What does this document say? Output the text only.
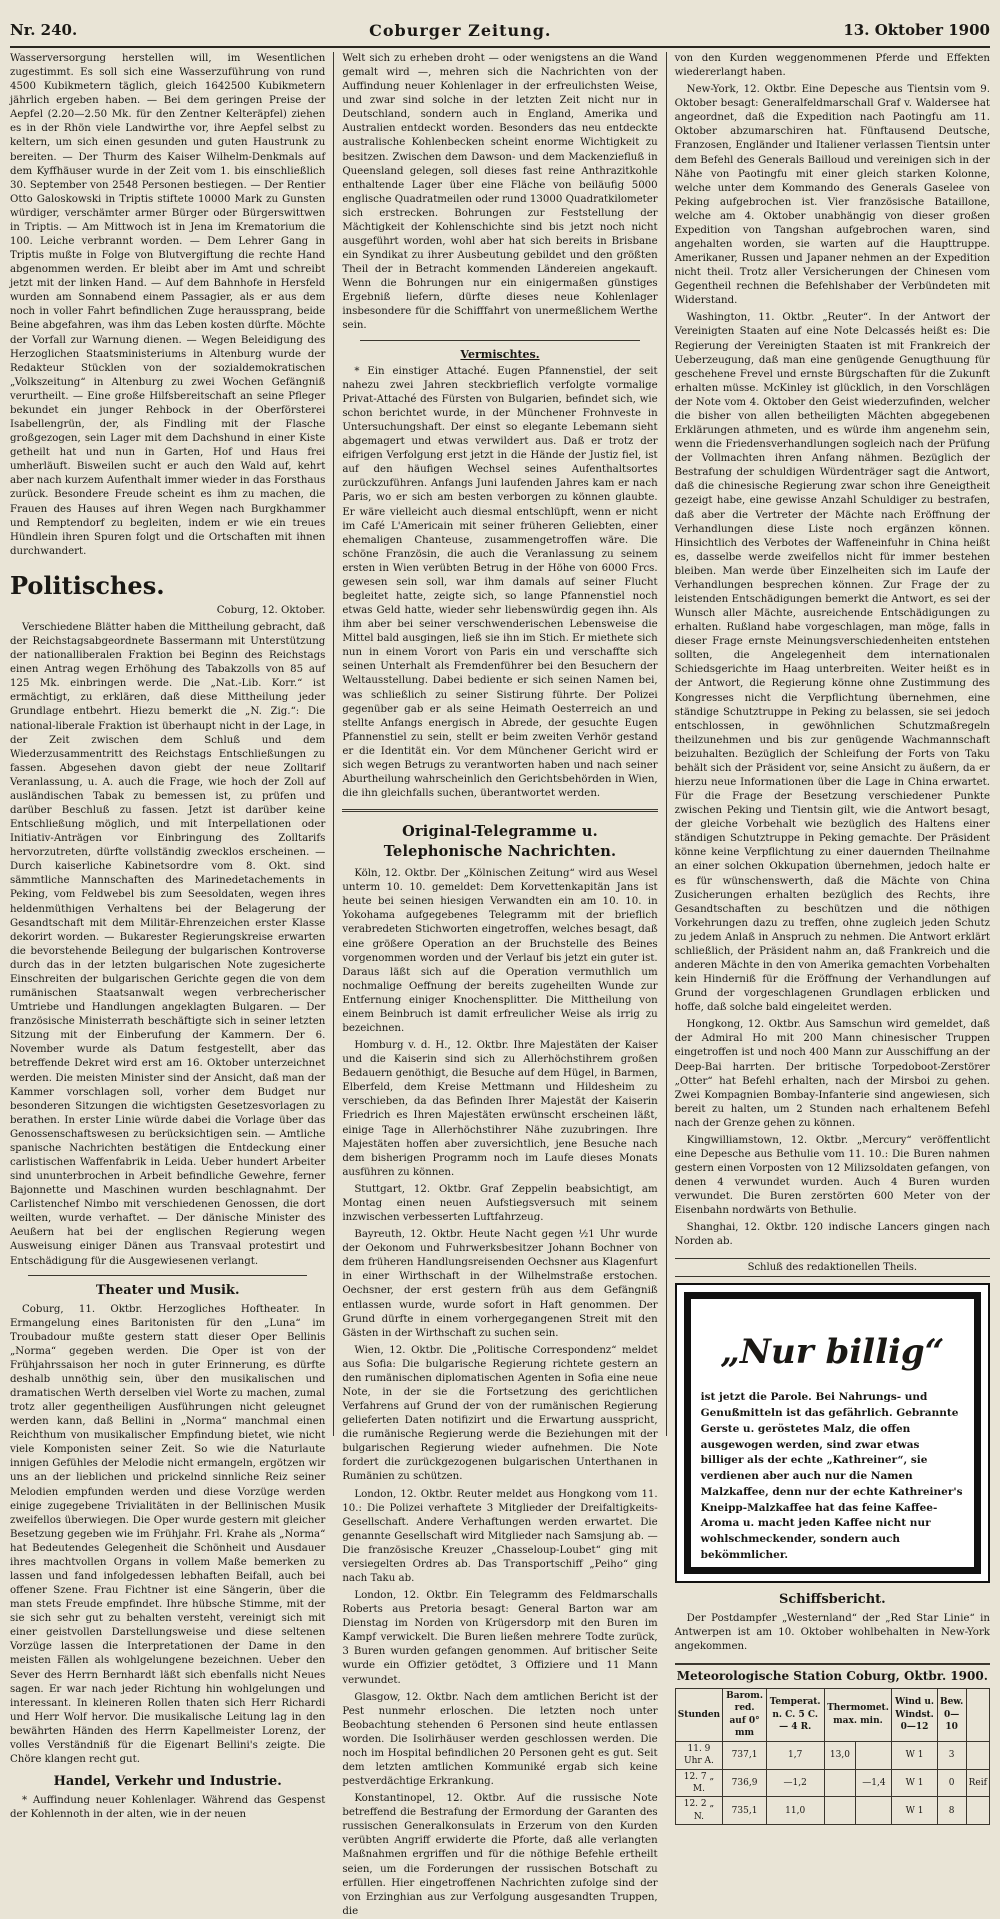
Nr. 240.	Coburger Zeitung.	13. Oktober 1900

Wasserversorgung herstellen will, im Wesentlichen zugestimmt. Es soll sich eine Wasserzuführung von rund 4500 Kubikmetern täglich, gleich 1642500 Kubikmetern jährlich ergeben haben. — Bei dem geringen Preise der Aepfel (2.20—2.50 Mk. für den Zentner Kelteräpfel) ziehen es in der Rhön viele Landwirthe vor, ihre Aepfel selbst zu keltern, um sich einen gesunden und guten Haustrunk zu bereiten. — Der Thurm des Kaiser Wilhelm-Denkmals auf dem Kyffhäuser wurde in der Zeit vom 1. bis einschließlich 30. September von 2548 Personen bestiegen. — Der Rentier Otto Galoskowski in Triptis stiftete 10000 Mark zu Gunsten würdiger, verschämter armer Bürger oder Bürgerswittwen in Triptis. — Am Mittwoch ist in Jena im Krematorium die 100. Leiche verbrannt worden. — Dem Lehrer Gang in Triptis mußte in Folge von Blutvergiftung die rechte Hand abgenommen werden. Er bleibt aber im Amt und schreibt jetzt mit der linken Hand. — Auf dem Bahnhofe in Hersfeld wurden am Sonnabend einem Passagier, als er aus dem noch in voller Fahrt befindlichen Zuge heraussprang, beide Beine abgefahren, was ihm das Leben kosten dürfte. Möchte der Vorfall zur Warnung dienen. — Wegen Beleidigung des Herzoglichen Staatsministeriums in Altenburg wurde der Redakteur Stücklen von der sozialdemokratischen „Volkszeitung“ in Altenburg zu zwei Wochen Gefängniß verurtheilt. — Eine große Hilfsbereitschaft an seine Pfleger bekundet ein junger Rehbock in der Oberförsterei Isabellengrün, der, als Findling mit der Flasche großgezogen, sein Lager mit dem Dachshund in einer Kiste getheilt hat und nun in Garten, Hof und Haus frei umherläuft. Bisweilen sucht er auch den Wald auf, kehrt aber nach kurzem Aufenthalt immer wieder in das Forsthaus zurück. Besondere Freude scheint es ihm zu machen, die Frauen des Hauses auf ihren Wegen nach Burgkhammer und Remptendorf zu begleiten, indem er wie ein treues Hündlein ihren Spuren folgt und die Ortschaften mit ihnen durchwandert.

Politisches.
Coburg, 12. Oktober.

Verschiedene Blätter haben die Mittheilung gebracht, daß der Reichstagsabgeordnete Bassermann mit Unterstützung der nationalliberalen Fraktion bei Beginn des Reichstags einen Antrag wegen Erhöhung des Tabakzolls von 85 auf 125 Mk. einbringen werde. Die „Nat.-Lib. Korr.“ ist ermächtigt, zu erklären, daß diese Mittheilung jeder Grundlage entbehrt. Hiezu bemerkt die „N. Zig.“: Die national-liberale Fraktion ist überhaupt nicht in der Lage, in der Zeit zwischen dem Schluß und dem Wiederzusammentritt des Reichstags Entschließungen zu fassen. Abgesehen davon giebt der neue Zolltarif Veranlassung, u. A. auch die Frage, wie hoch der Zoll auf ausländischen Tabak zu bemessen ist, zu prüfen und darüber Beschluß zu fassen. Jetzt ist darüber keine Entschließung möglich, und mit Interpellationen oder Initiativ-Anträgen vor Einbringung des Zolltarifs hervorzutreten, dürfte vollständig zwecklos erscheinen. — Durch kaiserliche Kabinetsordre vom 8. Okt. sind sämmtliche Mannschaften des Marinedetachements in Peking, vom Feldwebel bis zum Seesoldaten, wegen ihres heldenmüthigen Verhaltens bei der Belagerung der Gesandtschaft mit dem Militär-Ehrenzeichen erster Klasse dekorirt worden. — Bukarester Regierungskreise erwarten die bevorstehende Beilegung der bulgarischen Kontroverse durch das in der letzten bulgarischen Note zugesicherte Einschreiten der bulgarischen Gerichte gegen die von dem rumänischen Staatsanwalt wegen verbrecherischer Umtriebe und Handlungen angeklagten Bulgaren. — Der französische Ministerrath beschäftigte sich in seiner letzten Sitzung mit der Einberufung der Kammern. Der 6. November wurde als Datum festgestellt, aber das betreffende Dekret wird erst am 16. Oktober unterzeichnet werden. Die meisten Minister sind der Ansicht, daß man der Kammer vorschlagen soll, vorher dem Budget nur besonderen Sitzungen die wichtigsten Gesetzesvorlagen zu berathen. In erster Linie würde dabei die Vorlage über das Genossenschaftswesen zu berücksichtigen sein. — Amtliche spanische Nachrichten bestätigen die Entdeckung einer carlistischen Waffenfabrik in Leida. Ueber hundert Arbeiter sind ununterbrochen in Arbeit befindliche Gewehre, ferner Bajonnette und Maschinen wurden beschlagnahmt. Der Carlistenchef Nimbo mit verschiedenen Genossen, die dort weilten, wurde verhaftet. — Der dänische Minister des Aeußern hat bei der englischen Regierung wegen Ausweisung einiger Dänen aus Transvaal protestirt und Entschädigung für die Ausgewiesenen verlangt.

Theater und Musik.

Coburg, 11. Oktbr. Herzogliches Hoftheater. In Ermangelung eines Baritonisten für den „Luna“ im Troubadour mußte gestern statt dieser Oper Bellinis „Norma“ gegeben werden. Die Oper ist von der Frühjahrssaison her noch in guter Erinnerung, es dürfte deshalb unnöthig sein, über den musikalischen und dramatischen Werth derselben viel Worte zu machen, zumal trotz aller gegentheiligen Ausführungen nicht geleugnet werden kann, daß Bellini in „Norma“ manchmal einen Reichthum von musikalischer Empfindung bietet, wie nicht viele Komponisten seiner Zeit. So wie die Naturlaute innigen Gefühles der Melodie nicht ermangeln, ergötzen wir uns an der lieblichen und prickelnd sinnliche Reiz seiner Melodien empfunden werden und diese Vorzüge werden einige zugegebene Trivialitäten in der Bellinischen Musik zweifellos überwiegen. Die Oper wurde gestern mit gleicher Besetzung gegeben wie im Frühjahr. Frl. Krahe als „Norma“ hat Bedeutendes Gelegenheit die Schönheit und Ausdauer ihres machtvollen Organs in vollem Maße bemerken zu lassen und fand infolgedessen lebhaften Beifall, auch bei offener Szene. Frau Fichtner ist eine Sängerin, über die man stets Freude empfindet. Ihre hübsche Stimme, mit der sie sich sehr gut zu behalten versteht, vereinigt sich mit einer geistvollen Darstellungsweise und diese seltenen Vorzüge lassen die Interpretationen der Dame in den meisten Fällen als wohlgelungene bezeichnen. Ueber den Sever des Herrn Bernhardt läßt sich ebenfalls nicht Neues sagen. Er war nach jeder Richtung hin wohlgelungen und interessant. In kleineren Rollen thaten sich Herr Richardi und Herr Wolf hervor. Die musikalische Leitung lag in den bewährten Händen des Herrn Kapellmeister Lorenz, der volles Verständniß für die Eigenart Bellini's zeigte. Die Chöre klangen recht gut.

Handel, Verkehr und Industrie.

* Auffindung neuer Kohlenlager. Während das Gespenst der Kohlennoth in der alten, wie in der neuen

Welt sich zu erheben droht — oder wenigstens an die Wand gemalt wird —, mehren sich die Nachrichten von der Auffindung neuer Kohlenlager in der erfreulichsten Weise, und zwar sind solche in der letzten Zeit nicht nur in Deutschland, sondern auch in England, Amerika und Australien entdeckt worden. Besonders das neu entdeckte australische Kohlenbecken scheint enorme Wichtigkeit zu besitzen. Zwischen dem Dawson- und dem Mackenziefluß in Queensland gelegen, soll dieses fast reine Anthrazitkohle enthaltende Lager über eine Fläche von beiläufig 5000 englische Quadratmeilen oder rund 13000 Quadratkilometer sich erstrecken. Bohrungen zur Feststellung der Mächtigkeit der Kohlenschichte sind bis jetzt noch nicht ausgeführt worden, wohl aber hat sich bereits in Brisbane ein Syndikat zu ihrer Ausbeutung gebildet und den größten Theil der in Betracht kommenden Ländereien angekauft. Wenn die Bohrungen nur ein einigermaßen günstiges Ergebniß liefern, dürfte dieses neue Kohlenlager insbesondere für die Schifffahrt von unermeßlichem Werthe sein.

Vermischtes.

* Ein einstiger Attaché. Eugen Pfannenstiel, der seit nahezu zwei Jahren steckbrieflich verfolgte vormalige Privat-Attaché des Fürsten von Bulgarien, befindet sich, wie schon berichtet wurde, in der Münchener Frohnveste in Untersuchungshaft. Der einst so elegante Lebemann sieht abgemagert und etwas verwildert aus. Daß er trotz der eifrigen Verfolgung erst jetzt in die Hände der Justiz fiel, ist auf den häufigen Wechsel seines Aufenthaltsortes zurückzuführen. Anfangs Juni laufenden Jahres kam er nach Paris, wo er sich am besten verborgen zu können glaubte. Er wäre vielleicht auch diesmal entschlüpft, wenn er nicht im Café L'Americain mit seiner früheren Geliebten, einer ehemaligen Chanteuse, zusammengetroffen wäre. Die schöne Französin, die auch die Veranlassung zu seinem ersten in Wien verübten Betrug in der Höhe von 6000 Frcs. gewesen sein soll, war ihm damals auf seiner Flucht begleitet hatte, zeigte sich, so lange Pfannenstiel noch etwas Geld hatte, wieder sehr liebenswürdig gegen ihn. Als ihm aber bei seiner verschwenderischen Lebensweise die Mittel bald ausgingen, ließ sie ihn im Stich. Er miethete sich nun in einem Vorort von Paris ein und verschaffte sich seinen Unterhalt als Fremdenführer bei den Besuchern der Weltausstellung. Dabei bediente er sich seinen Namen bei, was schließlich zu seiner Sistirung führte. Der Polizei gegenüber gab er als seine Heimath Oesterreich an und stellte Anfangs energisch in Abrede, der gesuchte Eugen Pfannenstiel zu sein, stellt er beim zweiten Verhör gestand er die Identität ein. Vor dem Münchener Gericht wird er sich wegen Betrugs zu verantworten haben und nach seiner Aburtheilung wahrscheinlich den Gerichtsbehörden in Wien, die ihn gleichfalls suchen, überantwortet werden.

Original-Telegramme u. Telephonische Nachrichten.

Köln, 12. Oktbr. Der „Kölnischen Zeitung“ wird aus Wesel unterm 10. 10. gemeldet: Dem Korvettenkapitän Jans ist heute bei seinen hiesigen Verwandten ein am 10. 10. in Yokohama aufgegebenes Telegramm mit der brieflich verabredeten Stichworten eingetroffen, welches besagt, daß eine größere Operation an der Bruchstelle des Beines vorgenommen worden und der Verlauf bis jetzt ein guter ist. Daraus läßt sich auf die Operation vermuthlich um nochmalige Oeffnung der bereits zugeheilten Wunde zur Entfernung einiger Knochensplitter. Die Mittheilung von einem Beinbruch ist damit erfreulicher Weise als irrig zu bezeichnen.

Homburg v. d. H., 12. Oktbr. Ihre Majestäten der Kaiser und die Kaiserin sind sich zu Allerhöchstihrem großen Bedauern genöthigt, die Besuche auf dem Hügel, in Barmen, Elberfeld, dem Kreise Mettmann und Hildesheim zu verschieben, da das Befinden Ihrer Majestät der Kaiserin Friedrich es Ihren Majestäten erwünscht erscheinen läßt, einige Tage in Allerhöchstihrer Nähe zuzubringen. Ihre Majestäten hoffen aber zuversichtlich, jene Besuche nach dem bisherigen Programm noch im Laufe dieses Monats ausführen zu können.

Stuttgart, 12. Oktbr. Graf Zeppelin beabsichtigt, am Montag einen neuen Aufstiegsversuch mit seinem inzwischen verbesserten Luftfahrzeug.

Bayreuth, 12. Oktbr. Heute Nacht gegen ½1 Uhr wurde der Oekonom und Fuhrwerksbesitzer Johann Bochner von dem früheren Handlungsreisenden Oechsner aus Klagenfurt in einer Wirthschaft in der Wilhelmstraße erstochen. Oechsner, der erst gestern früh aus dem Gefängniß entlassen wurde, wurde sofort in Haft genommen. Der Grund dürfte in einem vorhergegangenen Streit mit den Gästen in der Wirthschaft zu suchen sein.

Wien, 12. Oktbr. Die „Politische Correspondenz“ meldet aus Sofia: Die bulgarische Regierung richtete gestern an den rumänischen diplomatischen Agenten in Sofia eine neue Note, in der sie die Fortsetzung des gerichtlichen Verfahrens auf Grund der von der rumänischen Regierung gelieferten Daten notifizirt und die Erwartung ausspricht, die rumänische Regierung werde die Beziehungen mit der bulgarischen Regierung wieder aufnehmen. Die Note fordert die zurückgezogenen bulgarischen Unterthanen in Rumänien zu schützen.

London, 12. Oktbr. Reuter meldet aus Hongkong vom 11. 10.: Die Polizei verhaftete 3 Mitglieder der Dreifaltigkeits-Gesellschaft. Andere Verhaftungen werden erwartet. Die genannte Gesellschaft wird Mitglieder nach Samsjung ab. — Die französische Kreuzer „Chasseloup-Loubet“ ging mit versiegelten Ordres ab. Das Transportschiff „Peiho“ ging nach Taku ab.

London, 12. Oktbr. Ein Telegramm des Feldmarschalls Roberts aus Pretoria besagt: General Barton war am Dienstag im Norden von Krügersdorp mit den Buren im Kampf verwickelt. Die Buren ließen mehrere Todte zurück, 3 Buren wurden gefangen genommen. Auf britischer Seite wurde ein Offizier getödtet, 3 Offiziere und 11 Mann verwundet.

Glasgow, 12. Oktbr. Nach dem amtlichen Bericht ist der Pest nunmehr erloschen. Die letzten noch unter Beobachtung stehenden 6 Personen sind heute entlassen worden. Die Isolirhäuser werden geschlossen werden. Die noch im Hospital befindlichen 20 Personen geht es gut. Seit dem letzten amtlichen Kommuniké ergab sich keine pestverdächtige Erkrankung.

Konstantinopel, 12. Oktbr. Auf die russische Note betreffend die Bestrafung der Ermordung der Garanten des russischen Generalkonsulats in Erzerum von den Kurden verübten Angriff erwiderte die Pforte, daß alle verlangten Maßnahmen ergriffen und für die nöthige Befehle ertheilt seien, um die Forderungen der russischen Botschaft zu erfüllen. Hier eingetroffenen Nachrichten zufolge sind der von Erzinghian aus zur Verfolgung ausgesandten Truppen, die

von den Kurden weggenommenen Pferde und Effekten wiedererlangt haben.

New-York, 12. Oktbr. Eine Depesche aus Tientsin vom 9. Oktober besagt: Generalfeldmarschall Graf v. Waldersee hat angeordnet, daß die Expedition nach Paotingfu am 11. Oktober abzumarschiren hat. Fünftausend Deutsche, Franzosen, Engländer und Italiener verlassen Tientsin unter dem Befehl des Generals Bailloud und vereinigen sich in der Nähe von Paotingfu mit einer gleich starken Kolonne, welche unter dem Kommando des Generals Gaselee von Peking aufgebrochen ist. Vier französische Bataillone, welche am 4. Oktober unabhängig von dieser großen Expedition von Tangshan aufgebrochen waren, sind angehalten worden, sie warten auf die Haupttruppe. Amerikaner, Russen und Japaner nehmen an der Expedition nicht theil. Trotz aller Versicherungen der Chinesen vom Gegentheil rechnen die Befehlshaber der Verbündeten mit Widerstand.

Washington, 11. Oktbr. „Reuter“. In der Antwort der Vereinigten Staaten auf eine Note Delcassés heißt es: Die Regierung der Vereinigten Staaten ist mit Frankreich der Ueberzeugung, daß man eine genügende Genugthuung für geschehene Frevel und ernste Bürgschaften für die Zukunft erhalten müsse. McKinley ist glücklich, in den Vorschlägen der Note vom 4. Oktober den Geist wiederzufinden, welcher die bisher von allen betheiligten Mächten abgegebenen Erklärungen athmeten, und es würde ihm angenehm sein, wenn die Friedensverhandlungen sogleich nach der Prüfung der Vollmachten ihren Anfang nähmen. Bezüglich der Bestrafung der schuldigen Würdenträger sagt die Antwort, daß die chinesische Regierung zwar schon ihre Geneigtheit gezeigt habe, eine gewisse Anzahl Schuldiger zu bestrafen, daß aber die Vertreter der Mächte nach Eröffnung der Verhandlungen diese Liste noch ergänzen können. Hinsichtlich des Verbotes der Waffeneinfuhr in China heißt es, dasselbe werde zweifellos nicht für immer bestehen bleiben. Man werde über Einzelheiten sich im Laufe der Verhandlungen besprechen können. Zur Frage der zu leistenden Entschädigungen bemerkt die Antwort, es sei der Wunsch aller Mächte, ausreichende Entschädigungen zu erhalten. Rußland habe vorgeschlagen, man möge, falls in dieser Frage ernste Meinungsverschiedenheiten entstehen sollten, die Angelegenheit dem internationalen Schiedsgerichte im Haag unterbreiten. Weiter heißt es in der Antwort, die Regierung könne ohne Zustimmung des Kongresses nicht die Verpflichtung übernehmen, eine ständige Schutztruppe in Peking zu belassen, sie sei jedoch entschlossen, in gewöhnlichen Schutzmaßregeln theilzunehmen und bis zur genügende Wachmannschaft beizuhalten. Bezüglich der Schleifung der Forts von Taku behält sich der Präsident vor, seine Ansicht zu äußern, da er hierzu neue Informationen über die Lage in China erwartet. Für die Frage der Besetzung verschiedener Punkte zwischen Peking und Tientsin gilt, wie die Antwort besagt, der gleiche Vorbehalt wie bezüglich des Haltens einer ständigen Schutztruppe in Peking gemachte. Der Präsident könne keine Verpflichtung zu einer dauernden Theilnahme an einer solchen Okkupation übernehmen, jedoch halte er es für wünschenswerth, daß die Mächte von China Zusicherungen erhalten bezüglich des Rechts, ihre Gesandtschaften zu beschützen und die nöthigen Vorkehrungen dazu zu treffen, ohne zugleich jeden Schutz zu jedem Anlaß in Anspruch zu nehmen. Die Antwort erklärt schließlich, der Präsident nahm an, daß Frankreich und die anderen Mächte in den von Amerika gemachten Vorbehalten kein Hinderniß für die Eröffnung der Verhandlungen auf Grund der vorgeschlagenen Grundlagen erblicken und hoffe, daß solche bald eingeleitet werden.

Hongkong, 12. Oktbr. Aus Samschun wird gemeldet, daß der Admiral Ho mit 200 Mann chinesischer Truppen eingetroffen ist und noch 400 Mann zur Ausschiffung an der Deep-Bai harrten. Der britische Torpedoboot-Zerstörer „Otter“ hat Befehl erhalten, nach der Mirsboi zu gehen. Zwei Kompagnien Bombay-Infanterie sind angewiesen, sich bereit zu halten, um 2 Stunden nach erhaltenem Befehl nach der Grenze gehen zu können.

Kingwilliamstown, 12. Oktbr. „Mercury“ veröffentlicht eine Depesche aus Bethulie vom 11. 10.: Die Buren nahmen gestern einen Vorposten von 12 Milizsoldaten gefangen, von denen 4 verwundet wurden. Auch 4 Buren wurden verwundet. Die Buren zerstörten 600 Meter von der Eisenbahn nordwärts von Bethulie.

Shanghai, 12. Oktbr. 120 indische Lancers gingen nach Norden ab.

Schluß des redaktionellen Theils.
„Nur billig“
ist jetzt die Parole. Bei Nahrungs- und Genußmitteln ist das gefährlich. Gebrannte Gerste u. geröstetes Malz, die offen ausgewogen werden, sind zwar etwas billiger als der echte „Kathreiner“, sie verdienen aber auch nur die Namen Malzkaffee, denn nur der echte Kathreiner's Kneipp-Malzkaffee hat das feine Kaffee-Aroma u. macht jeden Kaffee nicht nur wohlschmeckender, sondern auch bekömmlicher.
Schiffsbericht.

Der Postdampfer „Westernland“ der „Red Star Linie“ in Antwerpen ist am 10. Oktober wohlbehalten in New-York angekommen.

Meteorologische Station Coburg, Oktbr. 1900.
Stunden	Barom. red. auf 0° mm	Temperat. n. C. 5 C. — 4 R.	Thermomet. max. min.		Wind u. Windst. 0—12	Bew. 0—10	
11. 9 Uhr A.	737,1	1,7	13,0		W 1	3	
12. 7 „ M.	736,9	—1,2		—1,4	W 1	0	Reif
12. 2 „ N.	735,1	11,0			W 1	8	
